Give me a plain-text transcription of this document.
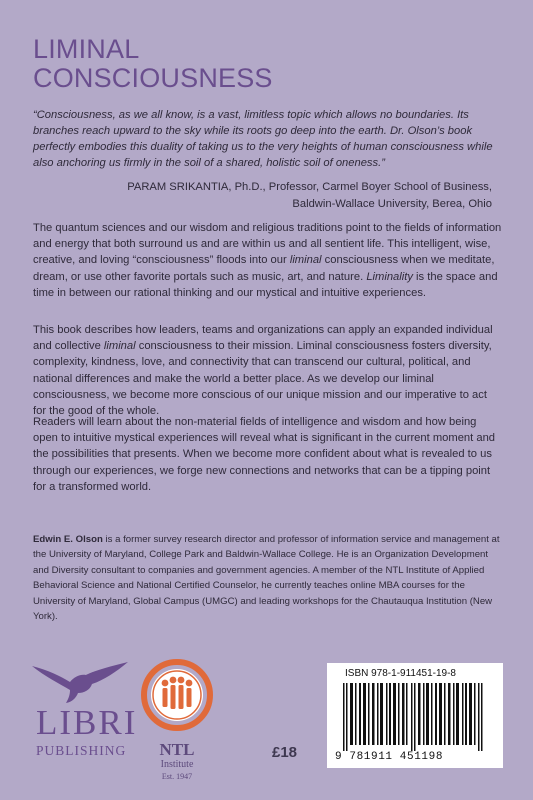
LIMINAL
CONSCIOUSNESS
“Consciousness, as we all know, is a vast, limitless topic which allows no boundaries. Its branches reach upward to the sky while its roots go deep into the earth. Dr. Olson’s book perfectly embodies this duality of taking us to the very heights of human consciousness while also anchoring us firmly in the soil of a shared, holistic soil of oneness.”
PARAM SRIKANTIA, Ph.D., Professor, Carmel Boyer School of Business,
Baldwin-Wallace University, Berea, Ohio
The quantum sciences and our wisdom and religious traditions point to the fields of information and energy that both surround us and are within us and all sentient life. This intelligent, wise, creative, and loving “consciousness” floods into our liminal consciousness when we meditate, dream, or use other favorite portals such as music, art, and nature. Liminality is the space and time in between our rational thinking and our mystical and intuitive experiences.
This book describes how leaders, teams and organizations can apply an expanded individual and collective liminal consciousness to their mission. Liminal consciousness fosters diversity, complexity, kindness, love, and connectivity that can transcend our cultural, political, and national differences and make the world a better place. As we develop our liminal consciousness, we become more conscious of our unique mission and our imperative to act for the good of the whole.
Readers will learn about the non-material fields of intelligence and wisdom and how being open to intuitive mystical experiences will reveal what is significant in the current moment and the possibilities that presents. When we become more confident about what is revealed to us through our experiences, we forge new connections and networks that can be a tipping point for a transformed world.
Edwin E. Olson is a former survey research director and professor of information service and management at the University of Maryland, College Park and Baldwin-Wallace College. He is an Organization Development and Diversity consultant to companies and government agencies. A member of the NTL Institute of Applied Behavioral Science and National Certified Counselor, he currently teaches online MBA courses for the University of Maryland, Global Campus (UMGC) and leading workshops for the Chautauqua Institution (New York).
LIBRI
PUBLISHING	NTL
Institute
Est. 1947
£18
ISBN 978-1-911451-19-8
9 781911 451198
